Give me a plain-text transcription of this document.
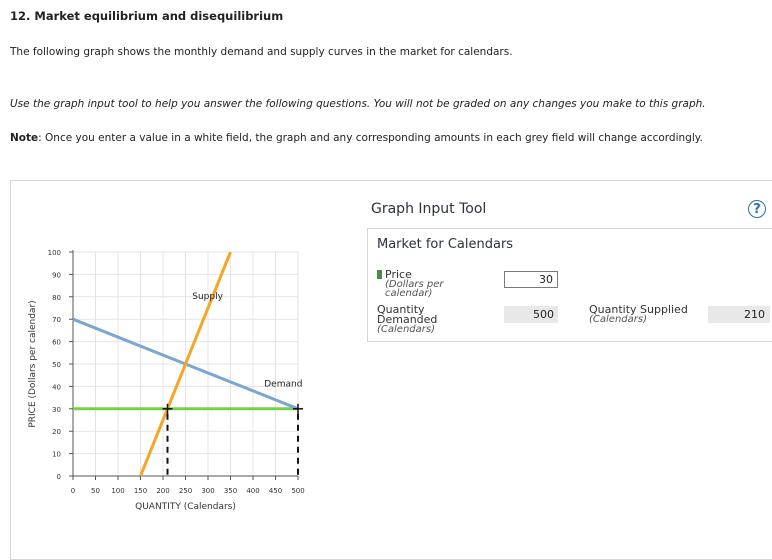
12. Market equilibrium and disequilibrium
The following graph shows the monthly demand and supply curves in the market for calendars.
Use the graph input tool to help you answer the following questions. You will not be graded on any changes you make to this graph.
Note: Once you enter a value in a white field, the graph and any corresponding amounts in each grey field will change accordingly.
0
10
20
30
40
50
60
70
80
90
100
0 50 100 150 200 250 300 350 400 450 500
QUANTITY (Calendars)
PRICE (Dollars per calendar)
Supply
Demand
Graph Input Tool	?
Market for Calendars
Price
(Dollars per calendar)
30
Quantity Demanded
(Calendars)
500	Quantity Supplied
(Calendars)	210
